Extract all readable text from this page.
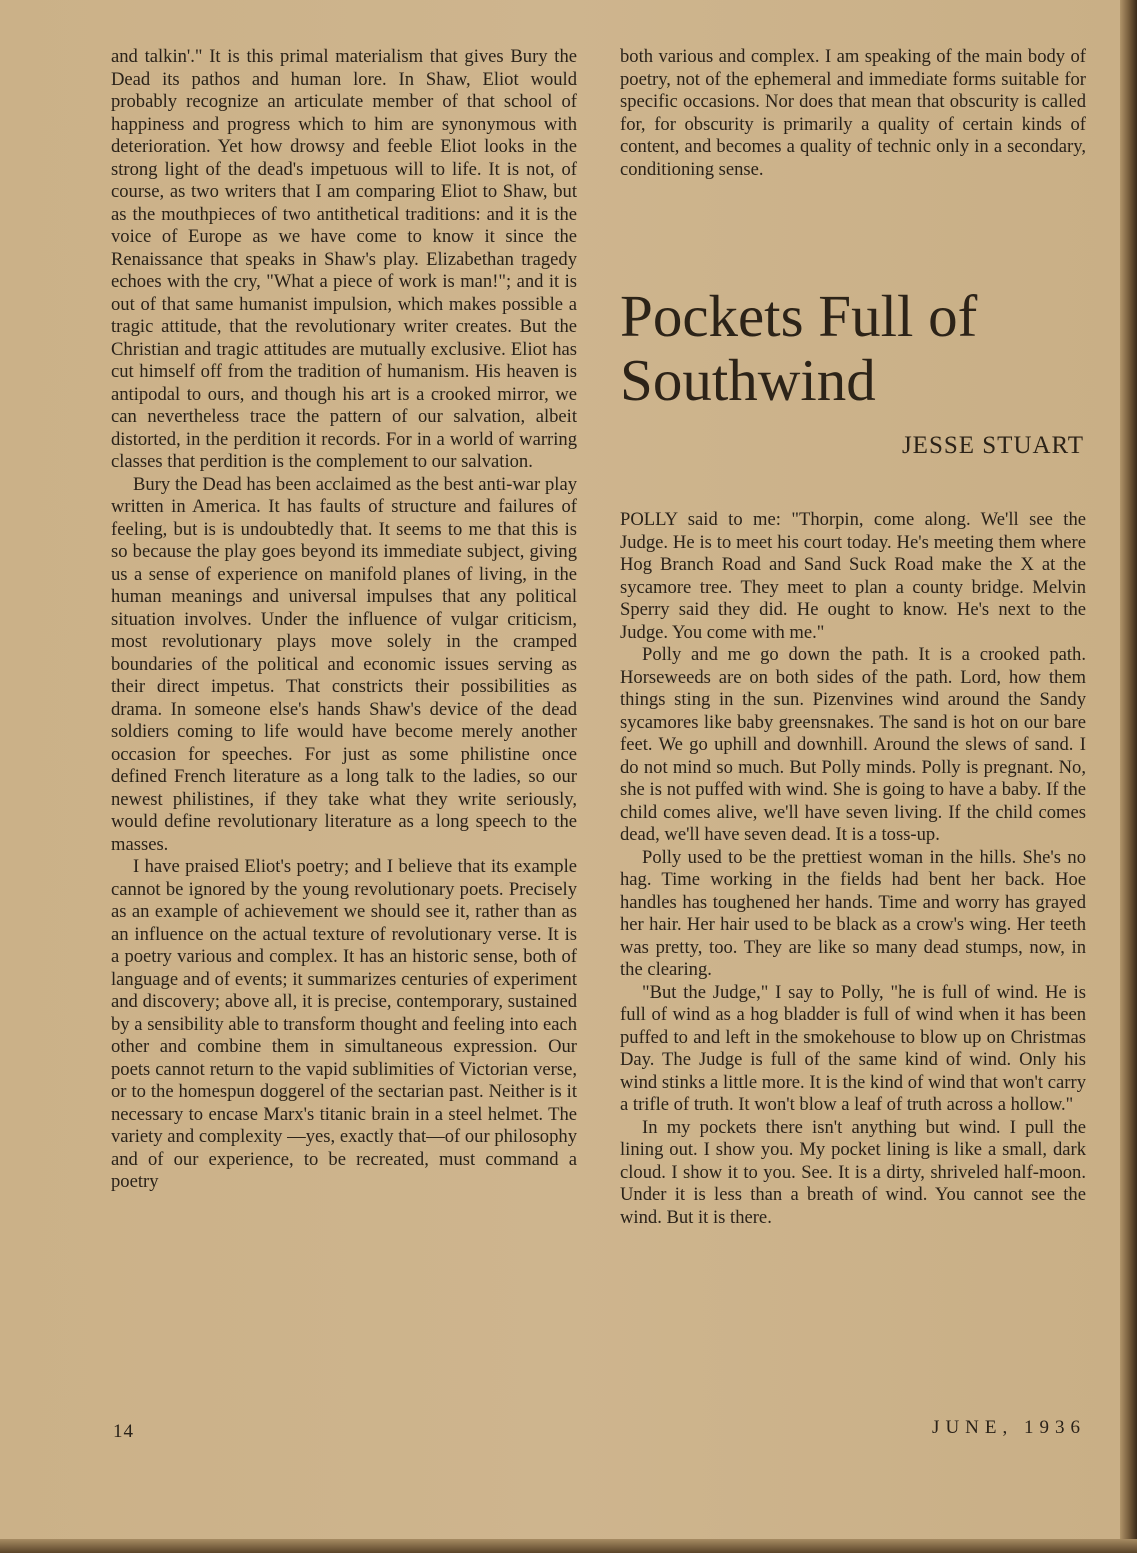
and talkin'." It is this primal materialism that gives Bury the Dead its pathos and human lore. In Shaw, Eliot would probably recognize an articulate member of that school of happiness and progress which to him are synonymous with deterioration. Yet how drowsy and feeble Eliot looks in the strong light of the dead's impetuous will to life. It is not, of course, as two writers that I am comparing Eliot to Shaw, but as the mouthpieces of two antithetical traditions: and it is the voice of Europe as we have come to know it since the Renaissance that speaks in Shaw's play. Elizabethan tragedy echoes with the cry, "What a piece of work is man!"; and it is out of that same humanist impulsion, which makes possible a tragic attitude, that the revolutionary writer creates. But the Christian and tragic attitudes are mutually exclusive. Eliot has cut himself off from the tradition of humanism. His heaven is antipodal to ours, and though his art is a crooked mirror, we can nevertheless trace the pattern of our salvation, albeit distorted, in the perdition it records. For in a world of warring classes that perdition is the complement to our salvation.

Bury the Dead has been acclaimed as the best anti-war play written in America. It has faults of structure and failures of feeling, but is is undoubtedly that. It seems to me that this is so because the play goes beyond its immediate subject, giving us a sense of experience on manifold planes of living, in the human meanings and universal impulses that any political situation involves. Under the influence of vulgar criticism, most revolutionary plays move solely in the cramped boundaries of the political and economic issues serving as their direct impetus. That constricts their possibilities as drama. In someone else's hands Shaw's device of the dead soldiers coming to life would have become merely another occasion for speeches. For just as some philistine once defined French literature as a long talk to the ladies, so our newest philistines, if they take what they write seriously, would define revolutionary literature as a long speech to the masses.

I have praised Eliot's poetry; and I believe that its example cannot be ignored by the young revolutionary poets. Precisely as an example of achievement we should see it, rather than as an influence on the actual texture of revolutionary verse. It is a poetry various and complex. It has an historic sense, both of language and of events; it summarizes centuries of experiment and discovery; above all, it is precise, contemporary, sustained by a sensibility able to transform thought and feeling into each other and combine them in simultaneous expression. Our poets cannot return to the vapid sublimities of Victorian verse, or to the homespun doggerel of the sectarian past. Neither is it necessary to encase Marx's titanic brain in a steel helmet. The variety and complexity —yes, exactly that—of our philosophy and of our experience, to be recreated, must command a poetry

both various and complex. I am speaking of the main body of poetry, not of the ephemeral and immediate forms suitable for specific occasions. Nor does that mean that obscurity is called for, for obscurity is primarily a quality of certain kinds of content, and becomes a quality of technic only in a secondary, conditioning sense.

Pockets Full of Southwind
JESSE STUART

POLLY said to me: "Thorpin, come along. We'll see the Judge. He is to meet his court today. He's meeting them where Hog Branch Road and Sand Suck Road make the X at the sycamore tree. They meet to plan a county bridge. Melvin Sperry said they did. He ought to know. He's next to the Judge. You come with me."

Polly and me go down the path. It is a crooked path. Horseweeds are on both sides of the path. Lord, how them things sting in the sun. Pizenvines wind around the Sandy sycamores like baby greensnakes. The sand is hot on our bare feet. We go uphill and downhill. Around the slews of sand. I do not mind so much. But Polly minds. Polly is pregnant. No, she is not puffed with wind. She is going to have a baby. If the child comes alive, we'll have seven living. If the child comes dead, we'll have seven dead. It is a toss-up.

Polly used to be the prettiest woman in the hills. She's no hag. Time working in the fields had bent her back. Hoe handles has toughened her hands. Time and worry has grayed her hair. Her hair used to be black as a crow's wing. Her teeth was pretty, too. They are like so many dead stumps, now, in the clearing.

"But the Judge," I say to Polly, "he is full of wind. He is full of wind as a hog bladder is full of wind when it has been puffed to and left in the smokehouse to blow up on Christmas Day. The Judge is full of the same kind of wind. Only his wind stinks a little more. It is the kind of wind that won't carry a trifle of truth. It won't blow a leaf of truth across a hollow."

In my pockets there isn't anything but wind. I pull the lining out. I show you. My pocket lining is like a small, dark cloud. I show it to you. See. It is a dirty, shriveled half-moon. Under it is less than a breath of wind. You cannot see the wind. But it is there.

14	JUNE, 1936
